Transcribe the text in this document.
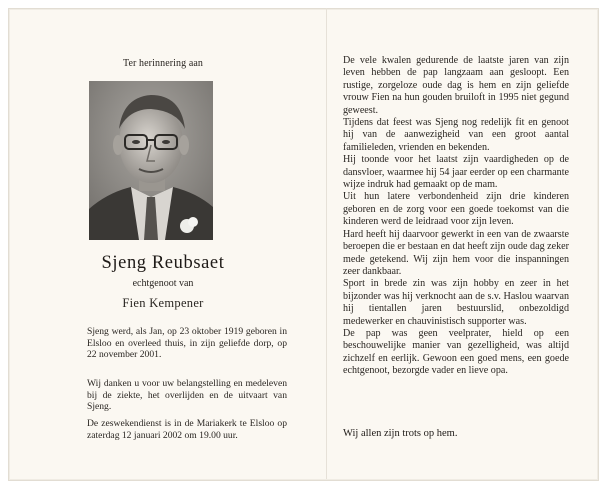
Ter herinnering aan
Sjeng Reubsaet
echtgenoot van
Fien Kempener
Sjeng werd, als Jan, op 23 oktober 1919 geboren in Elsloo en overleed thuis, in zijn geliefde dorp, op 22 november 2001.
Wij danken u voor uw belangstelling en medeleven bij de ziekte, het overlijden en de uitvaart van Sjeng.
De zeswekendienst is in de Mariakerk te Elsloo op zaterdag 12 januari 2002 om 19.00 uur.

De vele kwalen gedurende de laatste jaren van zijn leven hebben de pap langzaam aan gesloopt. Een rustige, zorgeloze oude dag is hem en zijn geliefde vrouw Fien na hun gouden bruiloft in 1995 niet gegund geweest.

Tijdens dat feest was Sjeng nog redelijk fit en genoot hij van de aanwezigheid van een groot aantal familieleden, vrienden en bekenden.

Hij toonde voor het laatst zijn vaardigheden op de dansvloer, waarmee hij 54 jaar eerder op een charmante wijze indruk had gemaakt op de mam.

Uit hun latere verbondenheid zijn drie kinderen geboren en de zorg voor een goede toekomst van die kinderen werd de leidraad voor zijn leven.

Hard heeft hij daarvoor gewerkt in een van de zwaarste beroepen die er bestaan en dat heeft zijn oude dag zeker mede getekend. Wij zijn hem voor die inspanningen zeer dankbaar.

Sport in brede zin was zijn hobby en zeer in het bijzonder was hij verknocht aan de s.v. Haslou waarvan hij tientallen jaren bestuurslid, onbezoldigd medewerker en chauvinistisch supporter was.

De pap was geen veelprater, hield op een beschouwelijke manier van gezelligheid, was altijd zichzelf en eerlijk. Gewoon een goed mens, een goede echtgenoot, bezorgde vader en lieve opa.

Wij allen zijn trots op hem.
